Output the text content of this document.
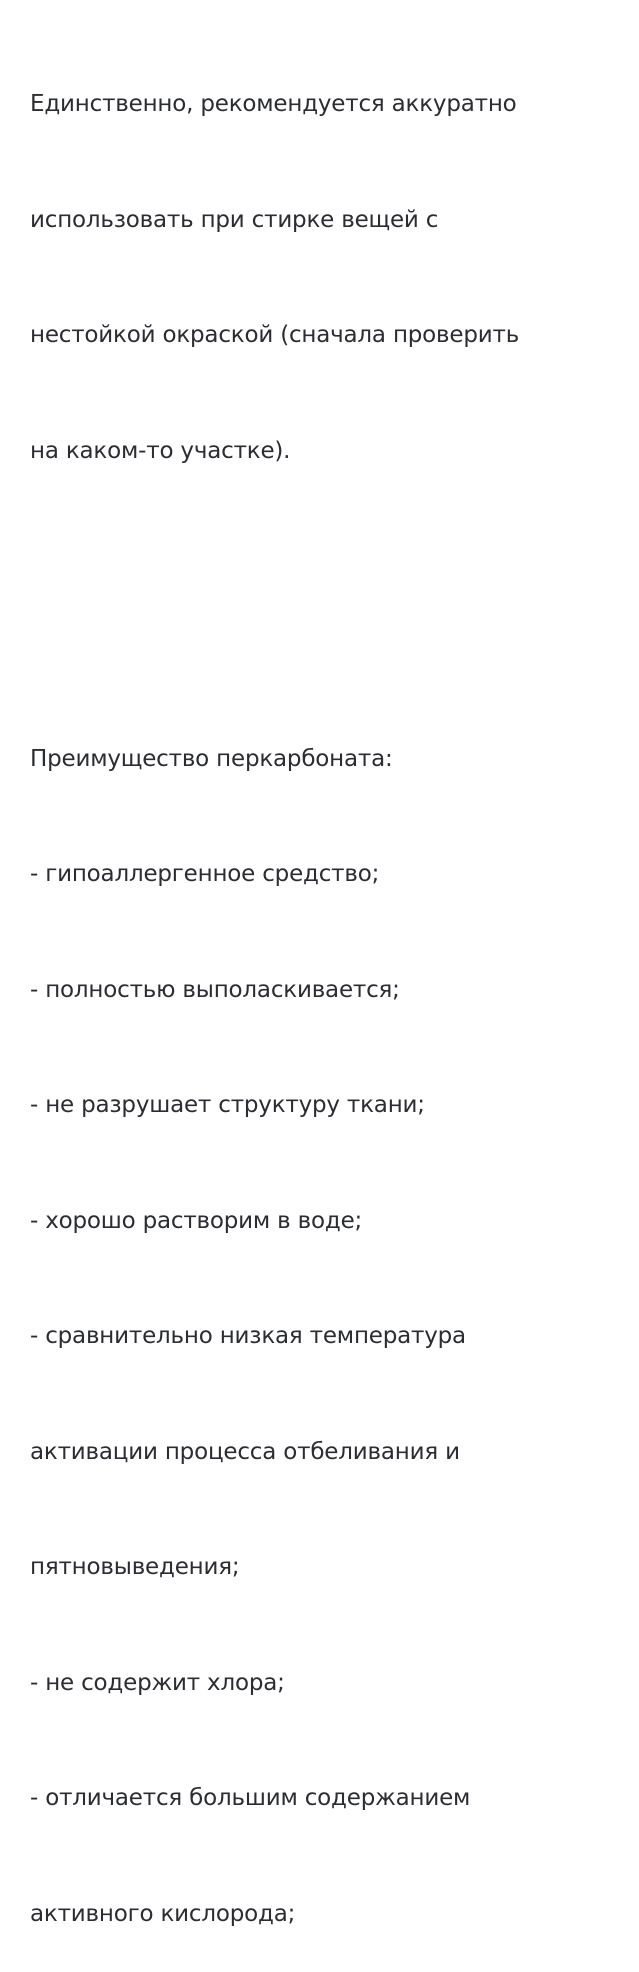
Единственно, рекомендуется аккуратно

использовать при стирке вещей с

нестойкой окраской (сначала проверить

на каком-то участке).

Преимущество перкарбоната:

- гипоаллергенное средство;

- полностью выполаскивается;

- не разрушает структуру ткани;

- хорошо растворим в воде;

- сравнительно низкая температура

активации процесса отбеливания и

пятновыведения;

- не содержит хлора;

- отличается большим содержанием

активного кислорода;
